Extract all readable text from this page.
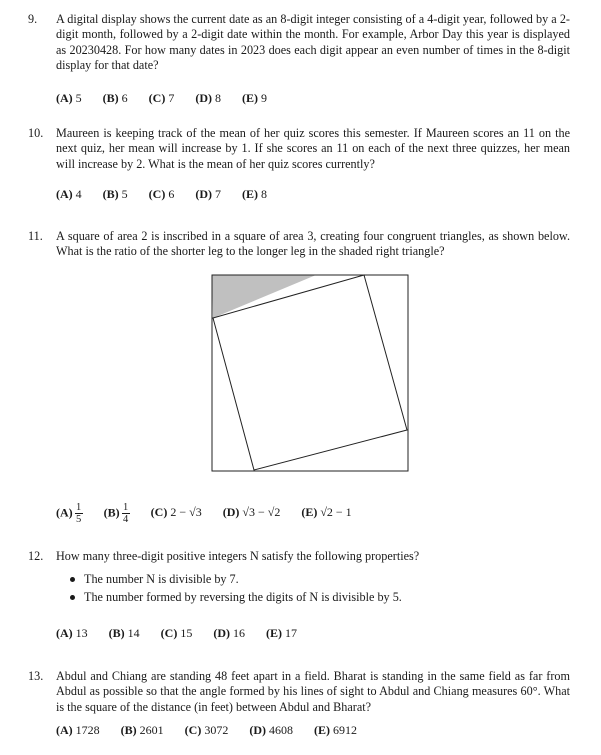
9. A digital display shows the current date as an 8-digit integer consisting of a 4-digit year, followed by a 2-digit month, followed by a 2-digit date within the month. For example, Arbor Day this year is displayed as 20230428. For how many dates in 2023 does each digit appear an even number of times in the 8-digit display for that date?

(A) 5 (B) 6 (C) 7 (D) 8 (E) 9
10. Maureen is keeping track of the mean of her quiz scores this semester. If Maureen scores an 11 on the next quiz, her mean will increase by 1. If she scores an 11 on each of the next three quizzes, her mean will increase by 2. What is the mean of her quiz scores currently?

(A) 4 (B) 5 (C) 6 (D) 7 (E) 8
11. A square of area 2 is inscribed in a square of area 3, creating four congruent triangles, as shown below. What is the ratio of the shorter leg to the longer leg in the shaded right triangle?

$(A) \frac{1}{5} (B) \frac{1}{4} (C) 2 - √3$ (D) √3 − √2 (E) √2 − 1
12. How many three-digit positive integers N satisfy the following properties?

The number N is divisible by 7.
The number formed by reversing the digits of N is divisible by 5.
(A) 13 (B) 14 (C) 15 (D) 16 (E) 17
13. Abdul and Chiang are standing 48 feet apart in a field. Bharat is standing in the same field as far from Abdul as possible so that the angle formed by his lines of sight to Abdul and Chiang measures 60°. What is the square of the distance (in feet) between Abdul and Bharat?

(A) 1728 (B) 2601 (C) 3072 (D) 4608 (E) 6912
